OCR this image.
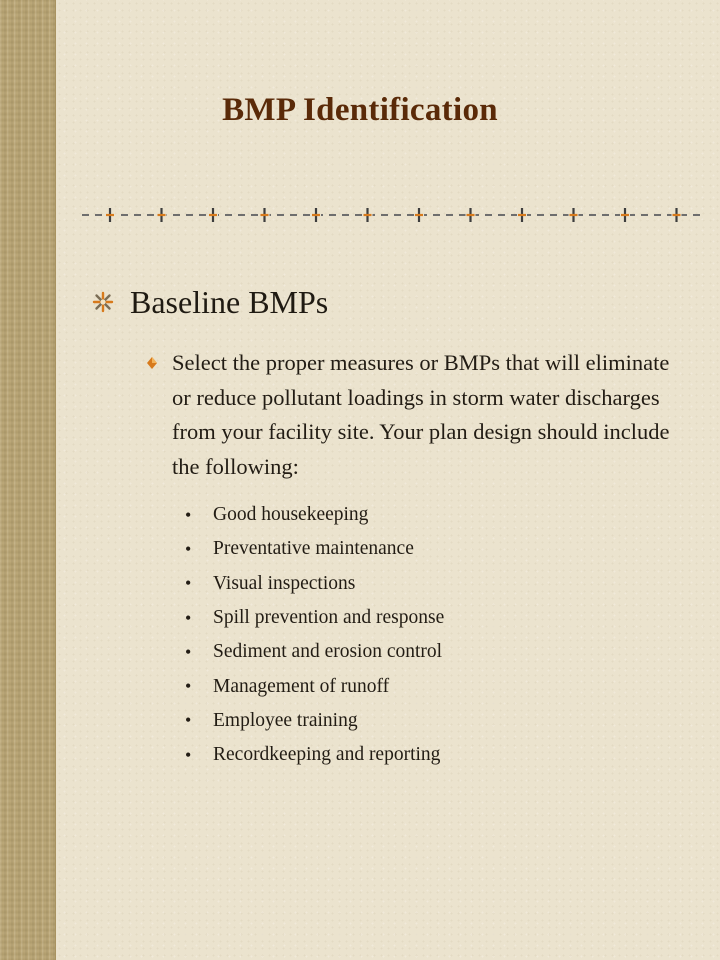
BMP Identification
Baseline BMPs
Select the proper measures or BMPs that will eliminate or reduce pollutant loadings in storm water discharges from your facility site. Your plan design should include the following:
•	Good housekeeping
•	Preventative maintenance
•	Visual inspections
•	Spill prevention and response
•	Sediment and erosion control
•	Management of runoff
•	Employee training
•	Recordkeeping and reporting
